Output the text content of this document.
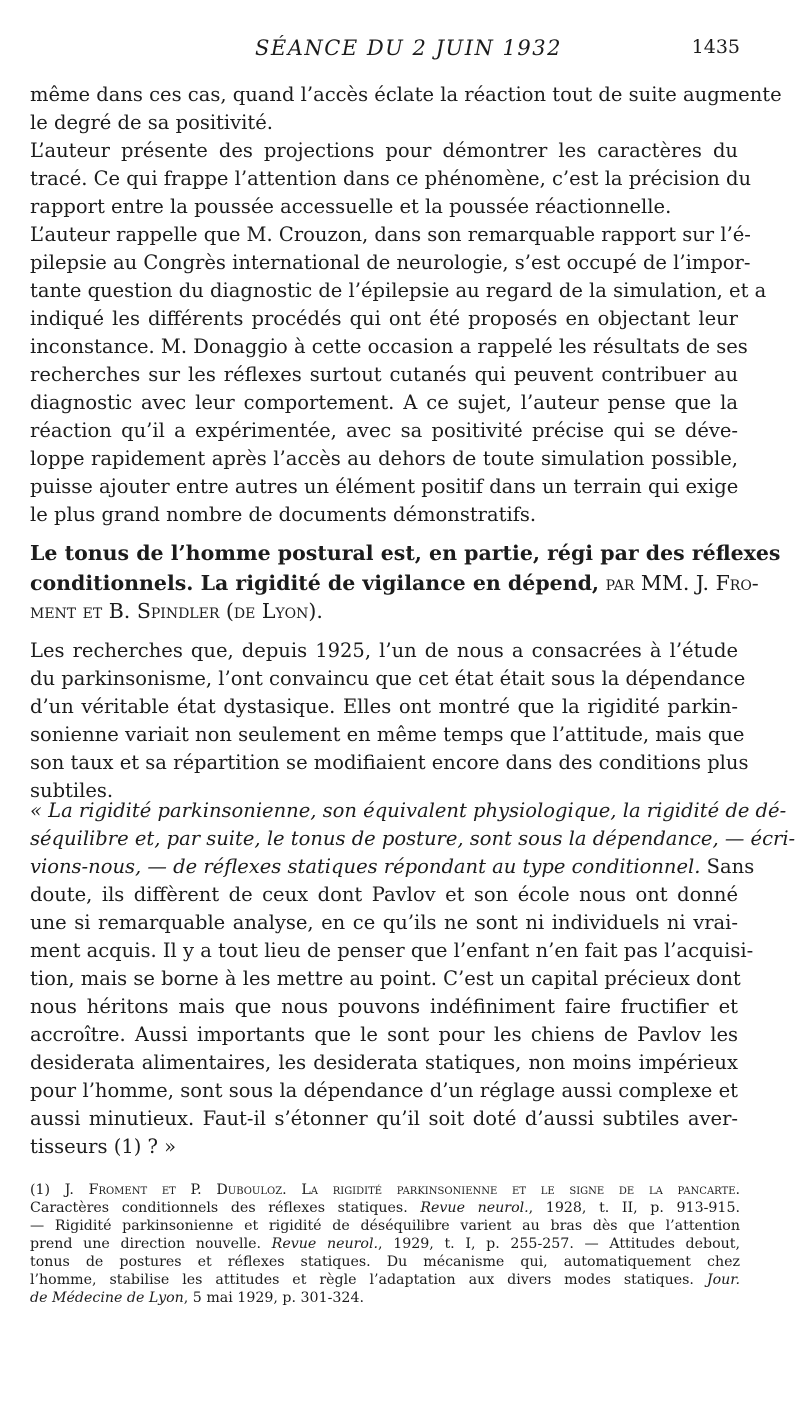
SÉANCE DU 2 JUIN 1932	1435
même dans ces cas, quand l’accès éclate la réaction tout de suite augmente
le degré de sa positivité.
L’auteur présente des projections pour démontrer les caractères du
tracé. Ce qui frappe l’attention dans ce phénomène, c’est la précision du
rapport entre la poussée accessuelle et la poussée réactionnelle.
L’auteur rappelle que M. Crouzon, dans son remarquable rapport sur l’é-
pilepsie au Congrès international de neurologie, s’est occupé de l’impor-
tante question du diagnostic de l’épilepsie au regard de la simulation, et a
indiqué les différents procédés qui ont été proposés en objectant leur
inconstance. M. Donaggio à cette occasion a rappelé les résultats de ses
recherches sur les réflexes surtout cutanés qui peuvent contribuer au
diagnostic avec leur comportement. A ce sujet, l’auteur pense que la
réaction qu’il a expérimentée, avec sa positivité précise qui se déve-
loppe rapidement après l’accès au dehors de toute simulation possible,
puisse ajouter entre autres un élément positif dans un terrain qui exige
le plus grand nombre de documents démonstratifs.
Le tonus de l’homme postural est, en partie, régi par des réflexes
conditionnels. La rigidité de vigilance en dépend, par MM. J. Fro-
ment et B. Spindler (de Lyon).
Les recherches que, depuis 1925, l’un de nous a consacrées à l’étude
du parkinsonisme, l’ont convaincu que cet état était sous la dépendance
d’un véritable état dystasique. Elles ont montré que la rigidité parkin-
sonienne variait non seulement en même temps que l’attitude, mais que
son taux et sa répartition se modifiaient encore dans des conditions plus
subtiles.
« La rigidité parkinsonienne, son équivalent physiologique, la rigidité de dé-
séquilibre et, par suite, le tonus de posture, sont sous la dépendance, — écri-
vions-nous, — de réflexes statiques répondant au type conditionnel. Sans
doute, ils diffèrent de ceux dont Pavlov et son école nous ont donné
une si remarquable analyse, en ce qu’ils ne sont ni individuels ni vrai-
ment acquis. Il y a tout lieu de penser que l’enfant n’en fait pas l’acquisi-
tion, mais se borne à les mettre au point. C’est un capital précieux dont
nous héritons mais que nous pouvons indéfiniment faire fructifier et
accroître. Aussi importants que le sont pour les chiens de Pavlov les
desiderata alimentaires, les desiderata statiques, non moins impérieux
pour l’homme, sont sous la dépendance d’un réglage aussi complexe et
aussi minutieux. Faut-il s’étonner qu’il soit doté d’aussi subtiles aver-
tisseurs (1) ? »
(1) J. Froment et P. Dubouloz. La rigidité parkinsonienne et le signe de la pancarte.
Caractères conditionnels des réflexes statiques. Revue neurol., 1928, t. II, p. 913-915.
— Rigidité parkinsonienne et rigidité de déséquilibre varient au bras dès que l’attention
prend une direction nouvelle. Revue neurol., 1929, t. I, p. 255-257. — Attitudes debout,
tonus de postures et réflexes statiques. Du mécanisme qui, automatiquement chez
l’homme, stabilise les attitudes et règle l’adaptation aux divers modes statiques. Jour.
de Médecine de Lyon, 5 mai 1929, p. 301-324.
